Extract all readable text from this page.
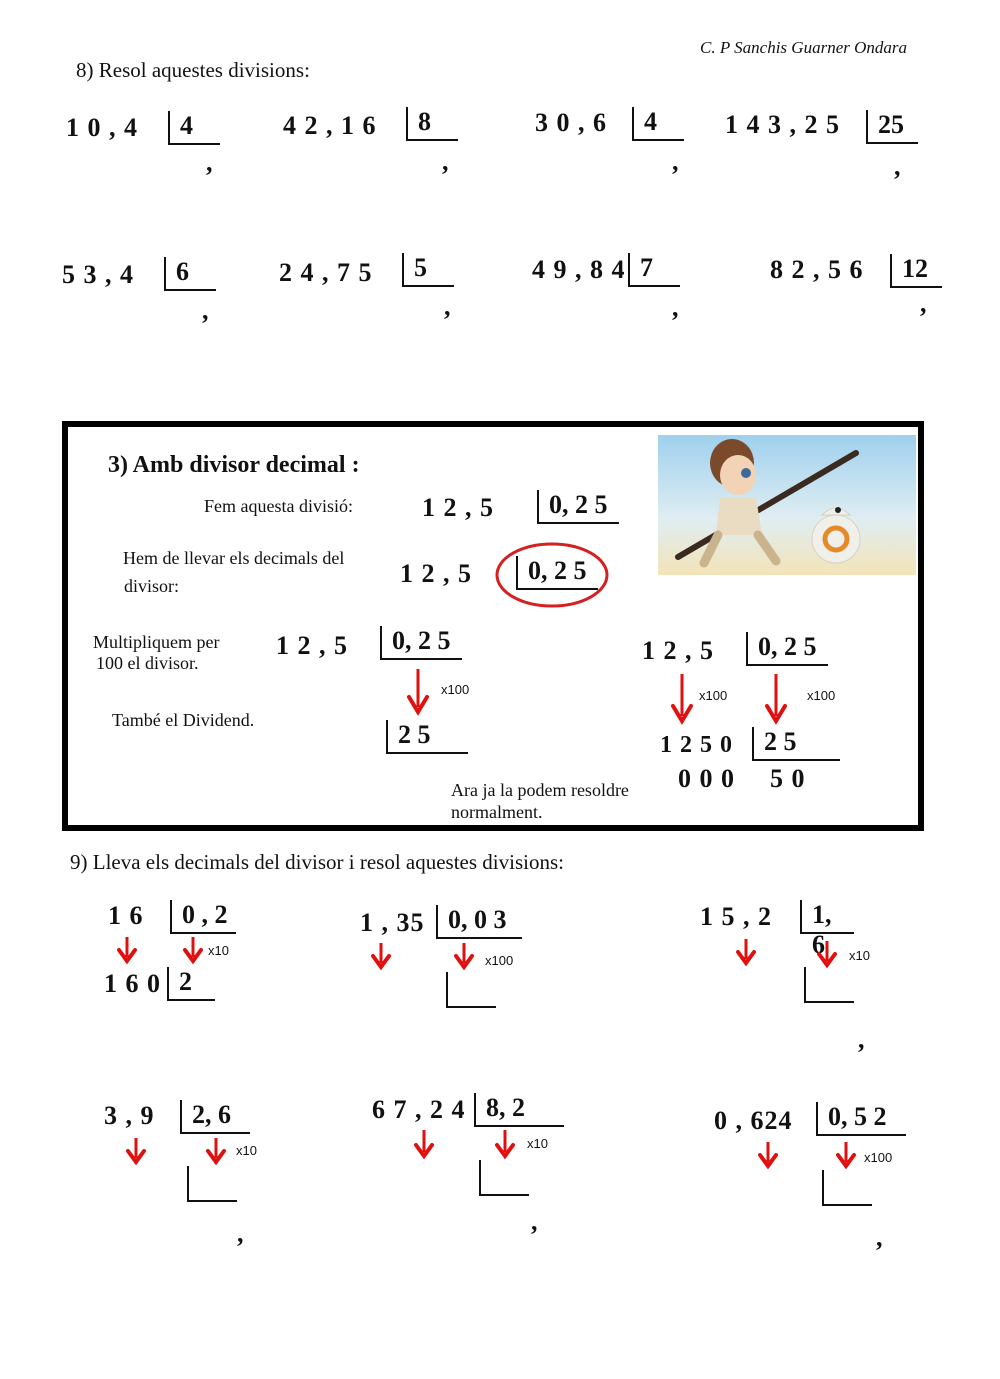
C. P Sanchis Guarner Ondara
8) Resol aquestes divisions:
1 0 , 4	4
,
4 2 , 1 6	8
,
3 0 , 6	4
,
1 4 3 , 2 5	25
,
5 3 , 4	6
,
2 4 , 7 5	5
,
4 9 , 8 4 7
,
8 2 , 5 6	12
,
3) Amb divisor decimal :
Fem aquesta divisió:	1 2 , 5	0, 2 5
Hem de llevar els decimals del
divisor:	1 2 , 5	0, 2 5
Multipliquem per
100 el divisor.
1 2 , 5	0, 2 5
x100
També el Dividend.	2 5
1 2 , 5	0, 2 5
x100	x100
1 2 5 0	2 5
0 0 0 5 0
Ara ja la podem resoldre
normalment.
9) Lleva els decimals del divisor i resol aquestes divisions:
1 6	0 , 2
x10
1 6 0 2
1 , 35 0, 0 3
x100
1 5 , 2	1, 6	x10
,
3 , 9	2, 6
x10
,
6 7 , 2 4 8, 2
x10
,
0 , 624	0, 5 2
x100
,
